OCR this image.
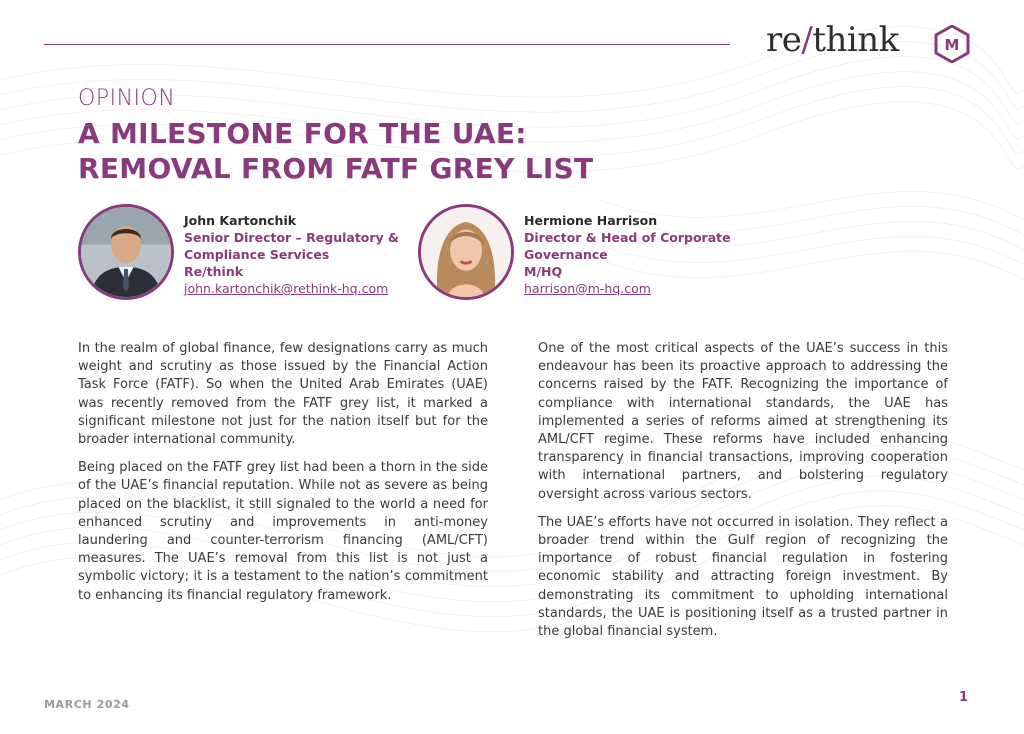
re/think	M
OPINION
A MILESTONE FOR THE UAE:
REMOVAL FROM FATF GREY LIST
John Kartonchik
Senior Director – Regulatory & Compliance Services
Re/think
john.kartonchik@rethink-hq.com
Hermione Harrison
Director & Head of Corporate Governance
M/HQ
harrison@m-hq.com

In the realm of global finance, few designations carry as much weight and scrutiny as those issued by the Financial Action Task Force (FATF). So when the United Arab Emirates (UAE) was recently removed from the FATF grey list, it marked a significant milestone not just for the nation itself but for the broader international community.

Being placed on the FATF grey list had been a thorn in the side of the UAE’s financial reputation. While not as severe as being placed on the blacklist, it still signaled to the world a need for enhanced scrutiny and improvements in anti-money laundering and counter-terrorism financing (AML/CFT) measures. The UAE’s removal from this list is not just a symbolic victory; it is a testament to the nation’s commitment to enhancing its financial regulatory framework.

One of the most critical aspects of the UAE’s success in this endeavour has been its proactive approach to addressing the concerns raised by the FATF. Recognizing the importance of compliance with international standards, the UAE has implemented a series of reforms aimed at strengthening its AML/CFT regime. These reforms have included enhancing transparency in financial transactions, improving cooperation with international partners, and bolstering regulatory oversight across various sectors.

The UAE’s efforts have not occurred in isolation. They reflect a broader trend within the Gulf region of recognizing the importance of robust financial regulation in fostering economic stability and attracting foreign investment. By demonstrating its commitment to upholding international standards, the UAE is positioning itself as a trusted partner in the global financial system.

MARCH 2024	1
